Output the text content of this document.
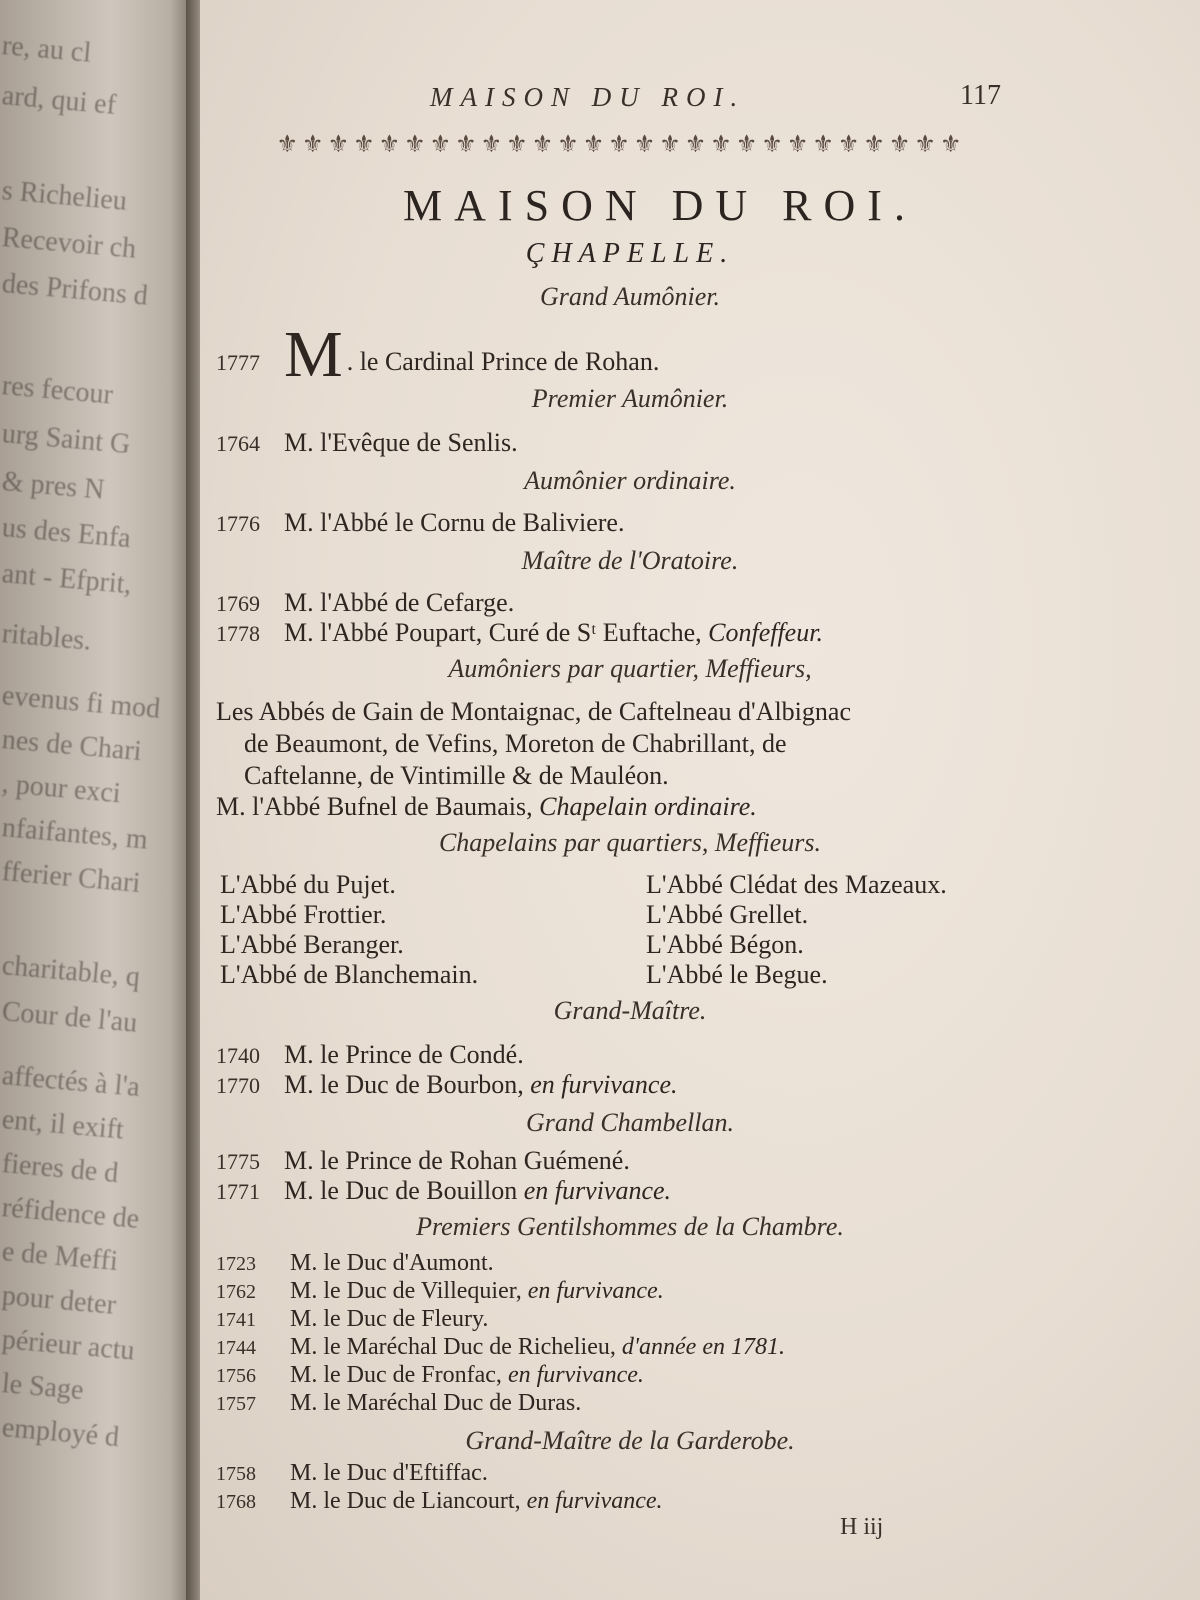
re, au cl
ard, qui ef
s Richelieu
Recevoir ch
des Prifons d
res fecour
urg Saint G
& pres N
us des Enfa
ant - Efprit,
ritables.
evenus fi mod
nes de Chari
, pour exci
nfaifantes, m
fferier Chari
charitable, q
Cour de l'au
affectés à l'a
ent, il exift
fieres de d
réfidence de
e de Meffi
pour deter
périeur actu
le Sage
employé d
MAISON DU ROI.	117
⚜⚜⚜⚜⚜⚜⚜⚜⚜⚜⚜⚜⚜⚜⚜⚜⚜⚜⚜⚜⚜⚜⚜⚜⚜⚜⚜
MAISON DU ROI.
ÇHAPELLE.
Grand Aumônier.
1777 M . le Cardinal Prince de Rohan.
Premier Aumônier.
1764 M. l'Evêque de Senlis.
Aumônier ordinaire.
1776 M. l'Abbé le Cornu de Baliviere.
Maître de l'Oratoire.
1769 M. l'Abbé de Cefarge.
1778 M. l'Abbé Poupart, Curé de Sᵗ Euftache, Confeffeur.
Aumôniers par quartier, Meffieurs,
Les Abbés de Gain de Montaignac, de Caftelneau d'Albignac
de Beaumont, de Vefins, Moreton de Chabrillant, de
Caftelanne, de Vintimille & de Mauléon.
M. l'Abbé Bufnel de Baumais, Chapelain ordinaire.
Chapelains par quartiers, Meffieurs.
L'Abbé du Pujet.
L'Abbé Frottier.
L'Abbé Beranger.
L'Abbé de Blanchemain.
L'Abbé Clédat des Mazeaux.
L'Abbé Grellet.
L'Abbé Bégon.
L'Abbé le Begue.
Grand-Maître.
1740 M. le Prince de Condé.
1770 M. le Duc de Bourbon, en furvivance.
Grand Chambellan.
1775 M. le Prince de Rohan Guémené.
1771 M. le Duc de Bouillon en furvivance.
Premiers Gentilshommes de la Chambre.
1723 M. le Duc d'Aumont.
1762 M. le Duc de Villequier, en furvivance.
1741 M. le Duc de Fleury.
1744 M. le Maréchal Duc de Richelieu, d'année en 1781.
1756 M. le Duc de Fronfac, en furvivance.
1757 M. le Maréchal Duc de Duras.
Grand-Maître de la Garderobe.
1758 M. le Duc d'Eftiffac.
1768 M. le Duc de Liancourt, en furvivance.
H iij
